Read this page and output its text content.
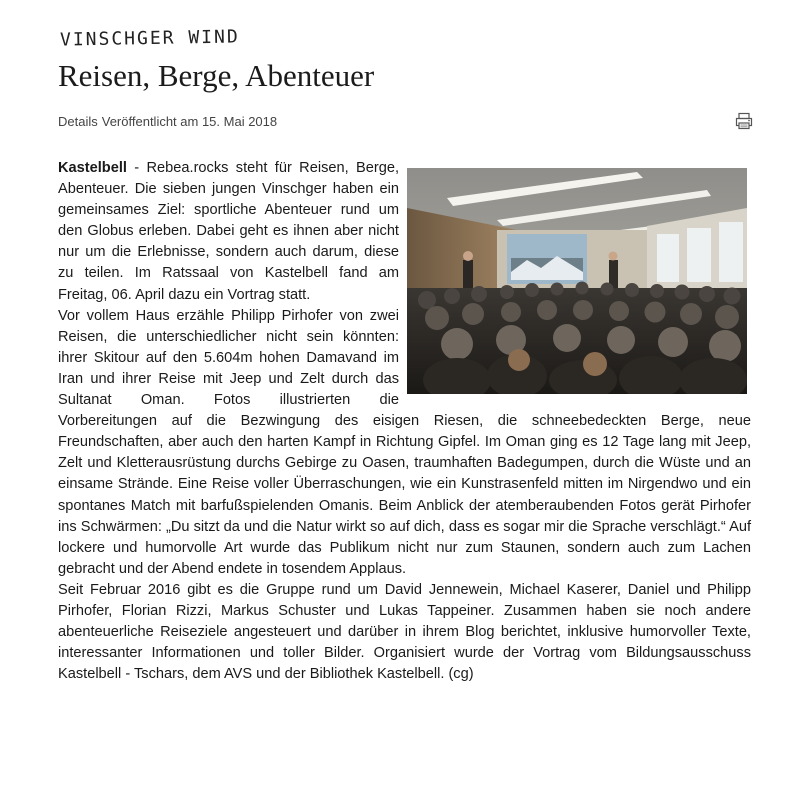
VINSCHGER WIND
Reisen, Berge, Abenteuer
Details Veröffentlicht am 15. Mai 2018

Kastelbell - Rebea.rocks steht für Reisen, Berge, Abenteuer. Die sieben jungen Vinschger haben ein gemeinsames Ziel: sportliche Abenteuer rund um den Globus erleben. Dabei geht es ihnen aber nicht nur um die Erlebnisse, sondern auch darum, diese zu teilen. Im Ratssaal von Kastelbell fand am Freitag, 06. April dazu ein Vortrag statt.

Vor vollem Haus erzähle Philipp Pirhofer von zwei Reisen, die unterschiedlicher nicht sein könnten: ihrer Skitour auf den 5.604m hohen Damavand im Iran und ihrer Reise mit Jeep und Zelt durch das Sultanat Oman. Fotos illustrierten die Vorbereitungen auf die Bezwingung des eisigen Riesen, die schneebedeckten Berge, neue Freundschaften, aber auch den harten Kampf in Richtung Gipfel. Im Oman ging es 12 Tage lang mit Jeep, Zelt und Kletterausrüstung durchs Gebirge zu Oasen, traumhaften Badegumpen, durch die Wüste und an einsame Strände. Eine Reise voller Überraschungen, wie ein Kunstrasenfeld mitten im Nirgendwo und ein spontanes Match mit barfußspielenden Omanis. Beim Anblick der atemberaubenden Fotos gerät Pirhofer ins Schwärmen: „Du sitzt da und die Natur wirkt so auf dich, dass es sogar mir die Sprache verschlägt.“ Auf lockere und humorvolle Art wurde das Publikum nicht nur zum Staunen, sondern auch zum Lachen gebracht und der Abend endete in tosendem Applaus.

Seit Februar 2016 gibt es die Gruppe rund um David Jennewein, Michael Kaserer, Daniel und Philipp Pirhofer, Florian Rizzi, Markus Schuster und Lukas Tappeiner. Zusammen haben sie noch andere abenteuerliche Reiseziele angesteuert und darüber in ihrem Blog berichtet, inklusive humorvoller Texte, interessanter Informationen und toller Bilder. Organisiert wurde der Vortrag vom Bildungsausschuss Kastelbell - Tschars, dem AVS und der Bibliothek Kastelbell. (cg)
